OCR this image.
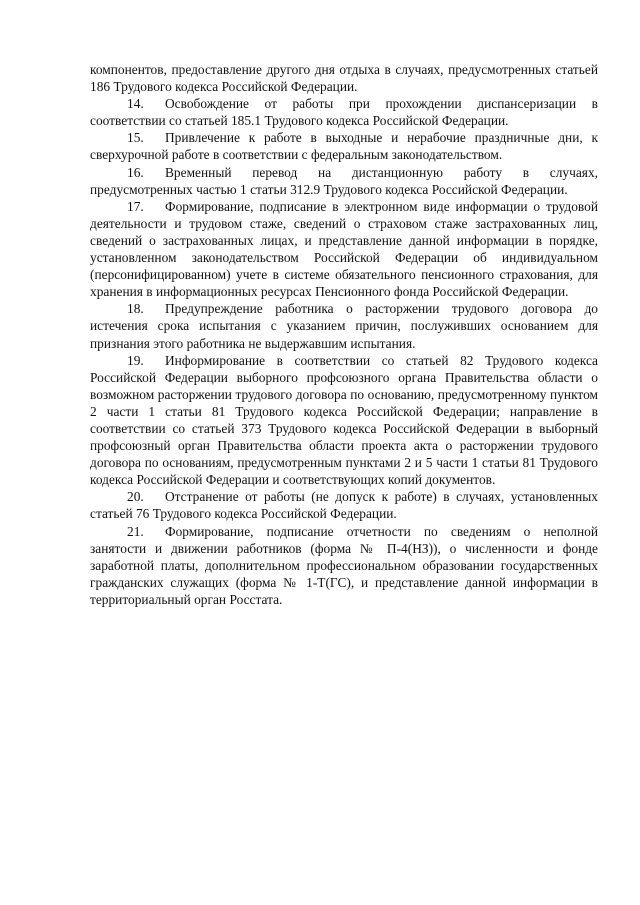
компонентов, предоставление другого дня отдыха в случаях, предусмотренных статьей 186 Трудового кодекса Российской Федерации.

14. Освобождение от работы при прохождении диспансеризации в соответствии со статьей 185.1 Трудового кодекса Российской Федерации.

15. Привлечение к работе в выходные и нерабочие праздничные дни, к сверхурочной работе в соответствии с федеральным законодательством.

16. Временный перевод на дистанционную работу в случаях, предусмотренных частью 1 статьи 312.9 Трудового кодекса Российской Федерации.

17. Формирование, подписание в электронном виде информации о трудовой деятельности и трудовом стаже, сведений о страховом стаже застрахованных лиц, сведений о застрахованных лицах, и представление данной информации в порядке, установленном законодательством Российской Федерации об индивидуальном (персонифицированном) учете в системе обязательного пенсионного страхования, для хранения в информационных ресурсах Пенсионного фонда Российской Федерации.

18. Предупреждение работника о расторжении трудового договора до истечения срока испытания с указанием причин, послуживших основанием для признания этого работника не выдержавшим испытания.

19. Информирование в соответствии со статьей 82 Трудового кодекса Российской Федерации выборного профсоюзного органа Правительства области о возможном расторжении трудового договора по основанию, предусмотренному пунктом 2 части 1 статьи 81 Трудового кодекса Российской Федерации; направление в соответствии со статьей 373 Трудового кодекса Российской Федерации в выборный профсоюзный орган Правительства области проекта акта о расторжении трудового договора по основаниям, предусмотренным пунктами 2 и 5 части 1 статьи 81 Трудового кодекса Российской Федерации и соответствующих копий документов.

20. Отстранение от работы (не допуск к работе) в случаях, установленных статьей 76 Трудового кодекса Российской Федерации.

21. Формирование, подписание отчетности по сведениям о неполной занятости и движении работников (форма № П-4(НЗ)), о численности и фонде заработной платы, дополнительном профессиональном образовании государственных гражданских служащих (форма № 1-Т(ГС), и представление данной информации в территориальный орган Росстата.
